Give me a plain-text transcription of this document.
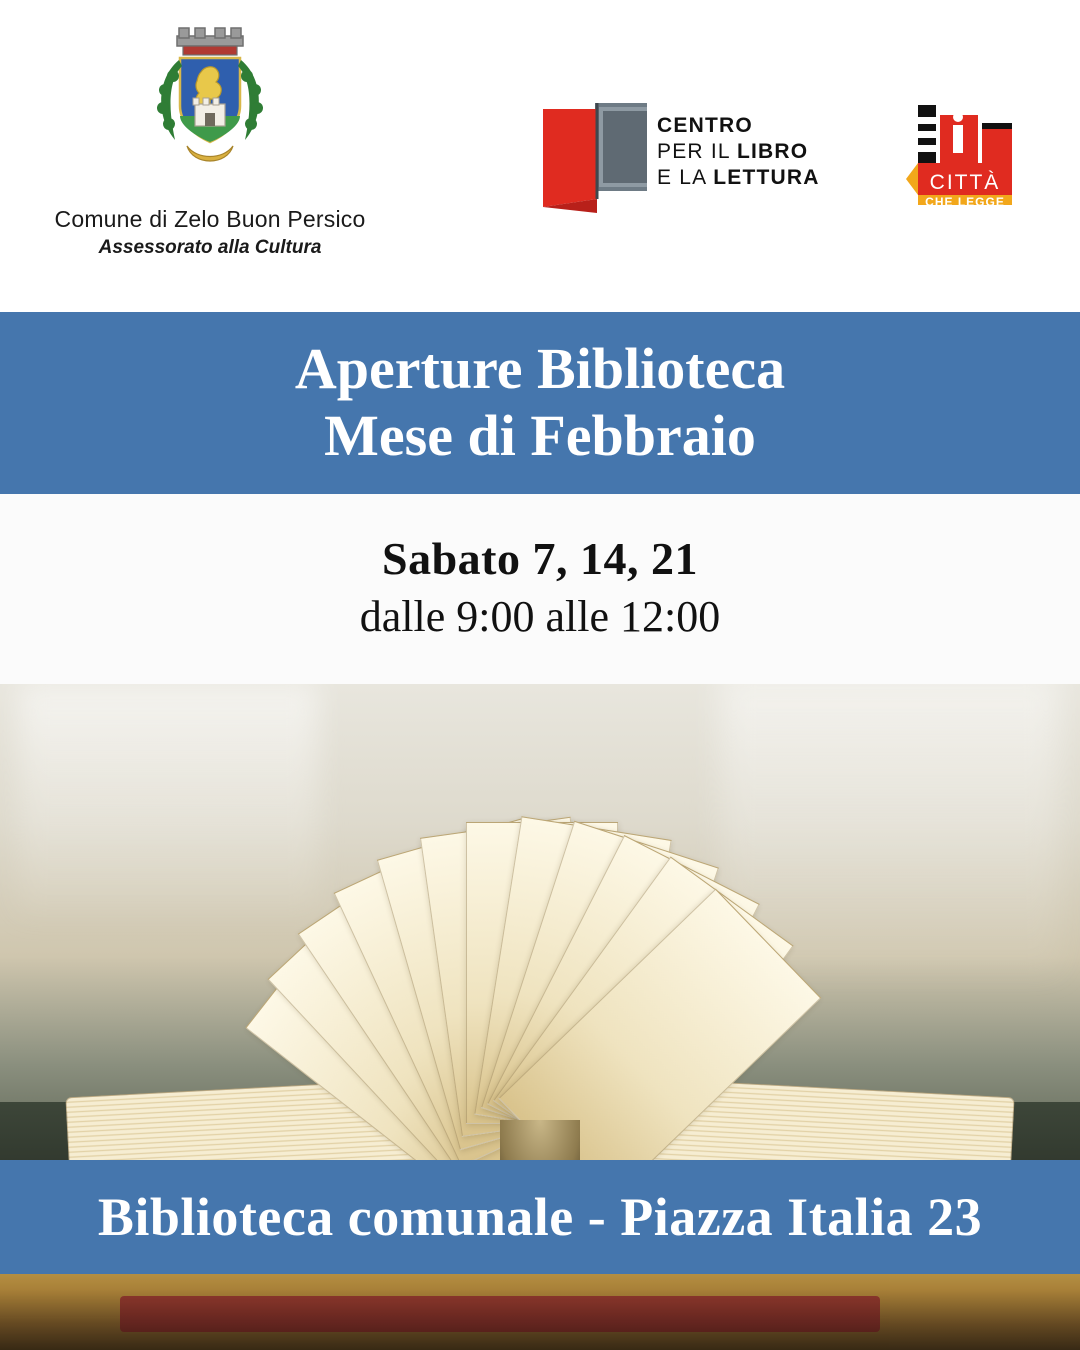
Comune di Zelo Buon Persico
Assessorato alla Cultura
CENTRO
PER IL LIBRO
E LA LETTURA	CITTÀ
CHE LEGGE
Aperture Biblioteca
Mese di Febbraio
Sabato 7, 14, 21
dalle 9:00 alle 12:00
Biblioteca comunale - Piazza Italia 23
